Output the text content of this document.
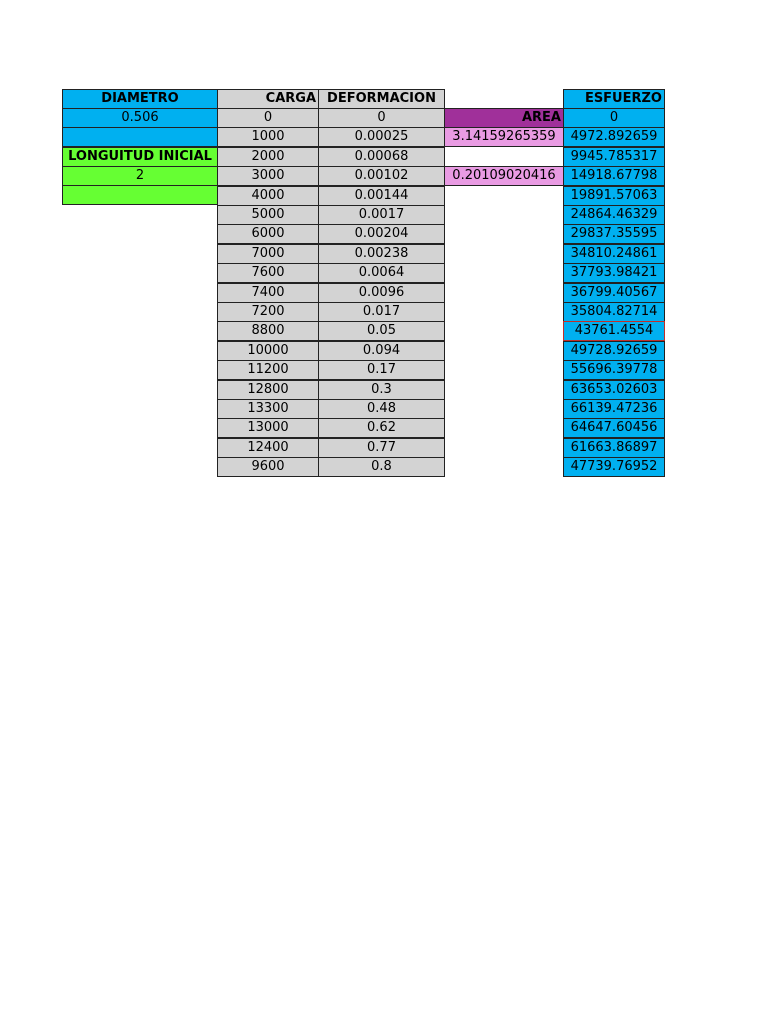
DIAMETRO
0.506
LONGUITUD INICIAL
2
CARGA DEFORMACION
0	0
1000	0.00025
2000	0.00068
3000	0.00102
4000	0.00144
5000	0.0017
6000	0.00204
7000	0.00238
7600	0.0064
7400	0.0096
7200	0.017
8800	0.05
10000	0.094
11200	0.17
12800	0.3
13300	0.48
13000	0.62
12400	0.77
9600	0.8
AREA
3.14159265359
0.20109020416
ESFUERZO
0
4972.892659
9945.785317
14918.67798
19891.57063
24864.46329
29837.35595
34810.24861
37793.98421
36799.40567
35804.82714
43761.4554
49728.92659
55696.39778
63653.02603
66139.47236
64647.60456
61663.86897
47739.76952
